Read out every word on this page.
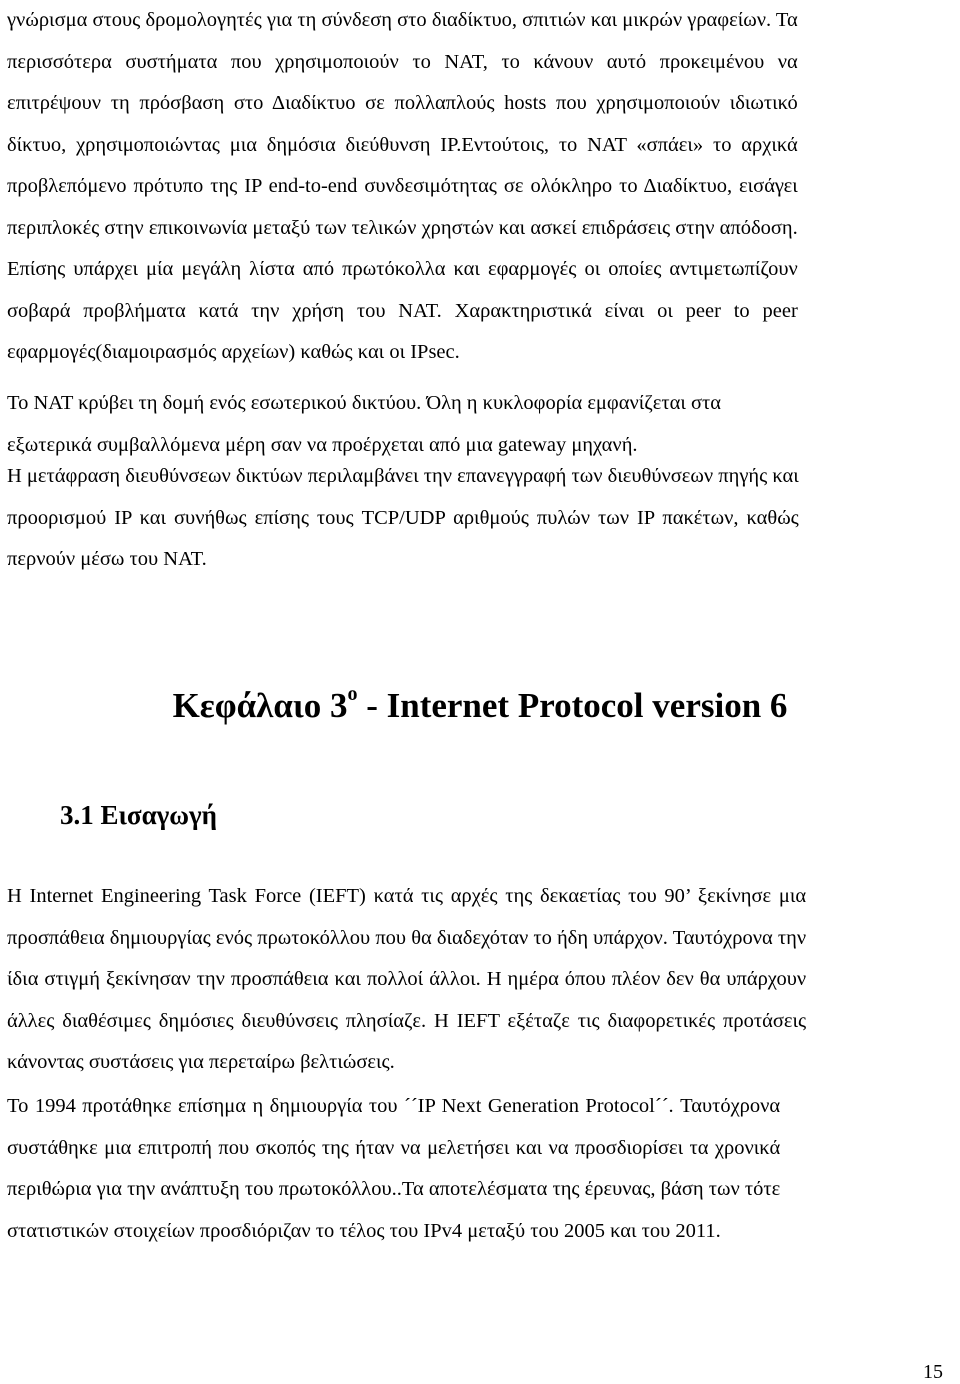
γνώρισμα στους δρομολογητές για τη σύνδεση στο διαδίκτυο, σπιτιών και μικρών γραφείων. Τα
περισσότερα συστήματα που χρησιμοποιούν το NAT, το κάνουν αυτό προκειμένου να
επιτρέψουν τη πρόσβαση στο Διαδίκτυο σε πολλαπλούς hosts που χρησιμοποιούν ιδιωτικό
δίκτυο, χρησιμοποιώντας μια δημόσια διεύθυνση IP.Εντούτοις, το NAT «σπάει» το αρχικά
προβλεπόμενο πρότυπο της IP end-to-end συνδεσιμότητας σε ολόκληρο το Διαδίκτυο, εισάγει
περιπλοκές στην επικοινωνία μεταξύ των τελικών χρηστών και ασκεί επιδράσεις στην απόδοση.
Επίσης υπάρχει μία μεγάλη λίστα από πρωτόκολλα και εφαρμογές οι οποίες αντιμετωπίζουν
σοβαρά προβλήματα κατά την χρήση του NAT. Χαρακτηριστικά είναι οι peer to peer
εφαρμογές(διαμοιρασμός αρχείων) καθώς και οι IPsec.

Το NAT κρύβει τη δομή ενός εσωτερικού δικτύου. Όλη η κυκλοφορία εμφανίζεται στα
εξωτερικά συμβαλλόμενα μέρη σαν να προέρχεται από μια gateway μηχανή.

Η μετάφραση διευθύνσεων δικτύων περιλαμβάνει την επανεγγραφή των διευθύνσεων πηγής και
προορισμού IP και συνήθως επίσης τους TCP/UDP αριθμούς πυλών των IP πακέτων, καθώς
περνούν μέσω του NAT.

Η Internet Engineering Task Force (IEFT) κατά τις αρχές της δεκαετίας του 90’ ξεκίνησε μια
προσπάθεια δημιουργίας ενός πρωτοκόλλου που θα διαδεχόταν το ήδη υπάρχον. Ταυτόχρονα την
ίδια στιγμή ξεκίνησαν την προσπάθεια και πολλοί άλλοι. Η ημέρα όπου πλέον δεν θα υπάρχουν
άλλες διαθέσιμες δημόσιες διευθύνσεις πλησίαζε. Η IEFT εξέταζε τις διαφορετικές προτάσεις
κάνοντας συστάσεις για περεταίρω βελτιώσεις.

Το 1994 προτάθηκε επίσημα η δημιουργία του ´´IP Next Generation Protocol´´. Ταυτόχρονα
συστάθηκε μια επιτροπή που σκοπός της ήταν να μελετήσει και να προσδιορίσει τα χρονικά
περιθώρια για την ανάπτυξη του πρωτοκόλλου..Τα αποτελέσματα της έρευνας, βάση των τότε
στατιστικών στοιχείων προσδιόριζαν το τέλος του IPv4 μεταξύ του 2005 και του 2011.

Κεφάλαιο $3^o$ - Internet Protocol version 6
3.1 Εισαγωγή
15
